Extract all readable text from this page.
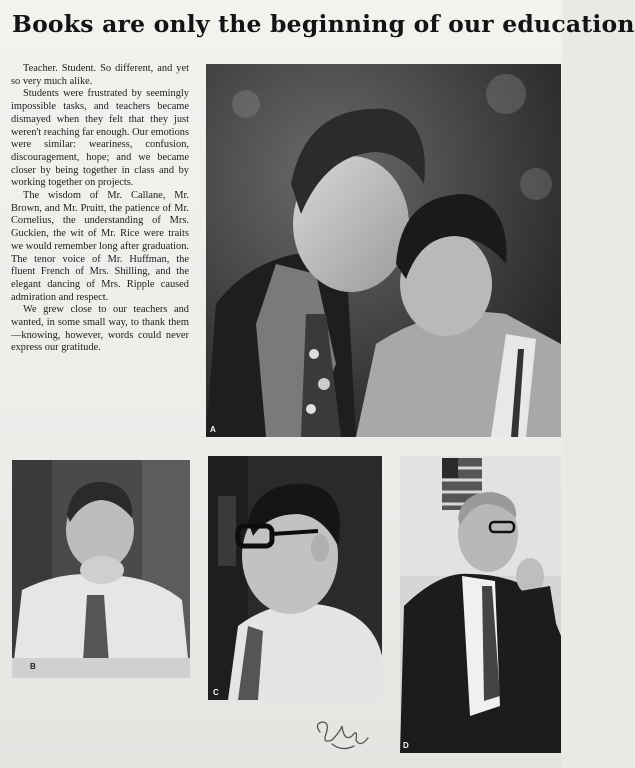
Books are only the beginning of our education

Teacher. Student. So different, and yet so very much alike.

Students were frustrated by seemingly impossible tasks, and teachers became dismayed when they felt that they just weren't reaching far enough. Our emotions were similar: weariness, confusion, discouragement, hope; and we became closer by being together in class and by working together on projects.

The wisdom of Mr. Callane, Mr. Brown, and Mr. Pruitt, the patience of Mr. Cornelius, the understanding of Mrs. Guckien, the wit of Mr. Rice were traits we would remember long after graduation. The tenor voice of Mr. Huffman, the fluent French of Mrs. Shilling, and the elegant dancing of Mrs. Ripple caused admiration and respect.

We grew close to our teachers and wanted, in some small way, to thank them—knowing, however, words could never express our gratitude.

A
B
C
D
